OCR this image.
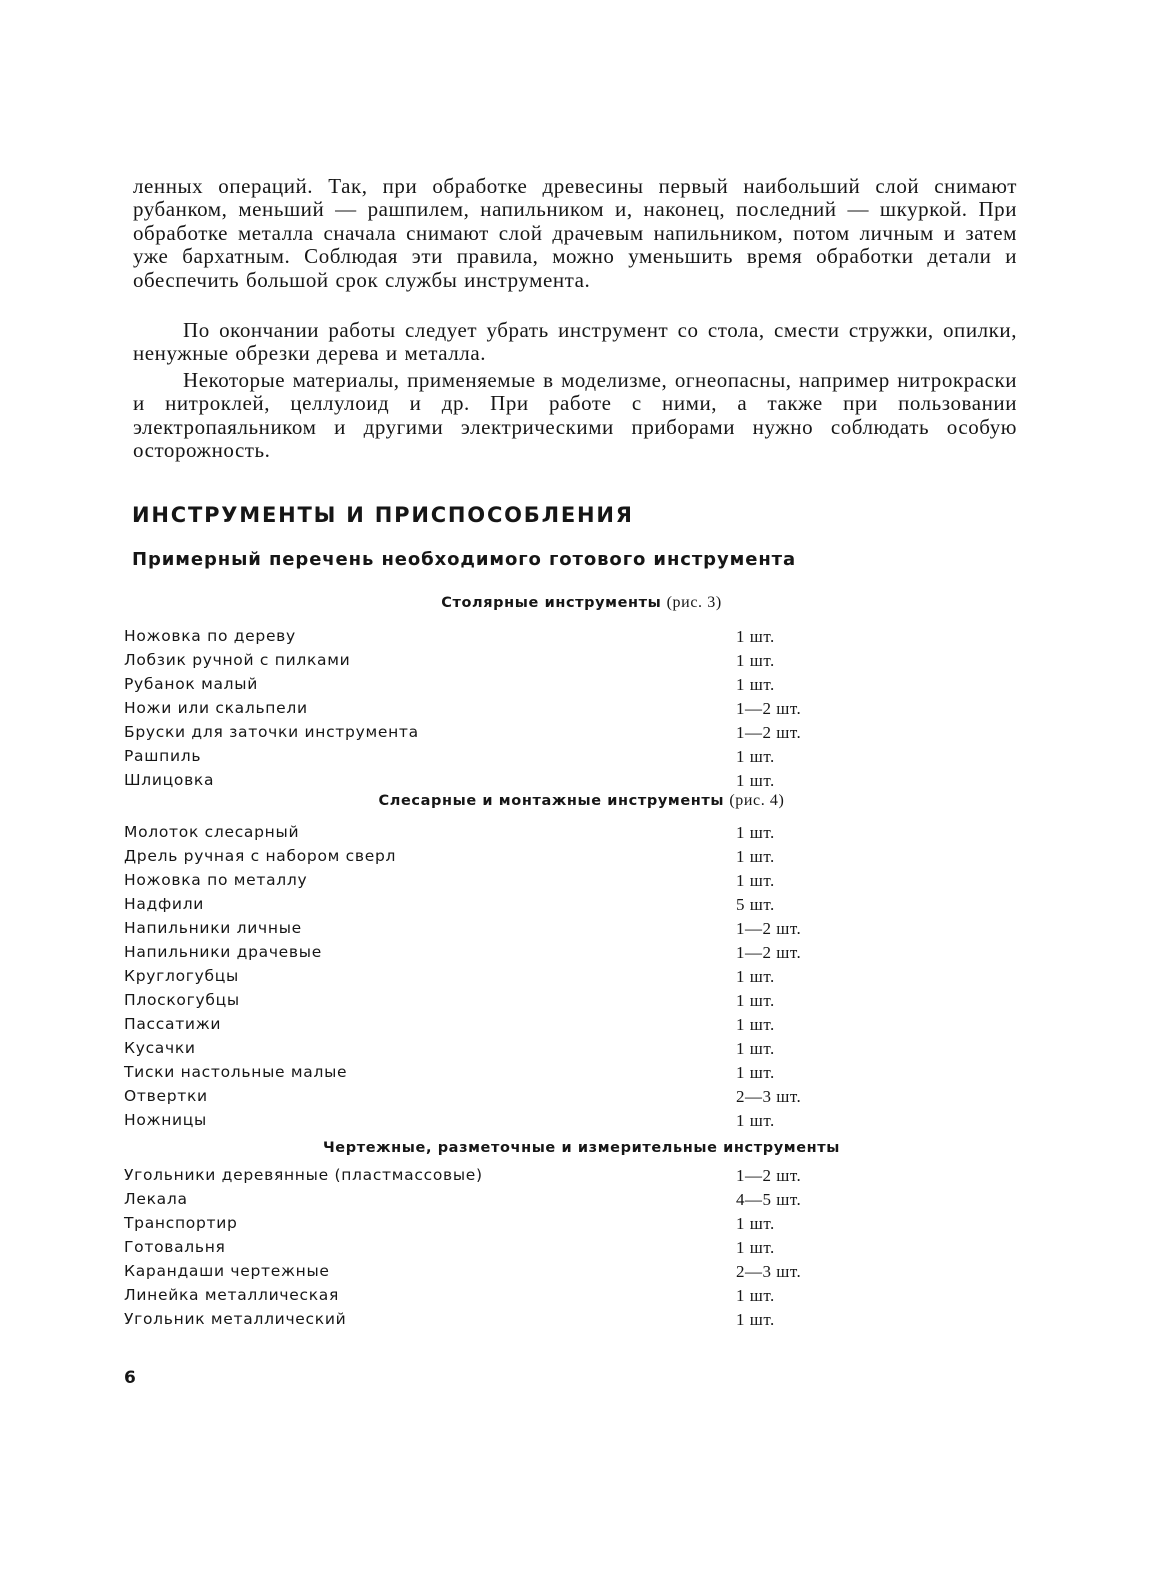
ленных операций. Так, при обработке древесины первый наибольший слой снимают рубанком, меньший — рашпилем, напильником и, наконец, последний — шкуркой. При обработке металла сначала снимают слой драчевым напильником, потом личным и затем уже бархатным. Соблюдая эти правила, можно уменьшить время обработки детали и обеспечить большой срок службы инструмента.

По окончании работы следует убрать инструмент со стола, смести стружки, опилки, ненужные обрезки дерева и металла.

Некоторые материалы, применяемые в моделизме, огнеопасны, например нитрокраски и нитроклей, целлулоид и др. При работе с ними, а также при пользовании электропаяльником и другими электрическими приборами нужно соблюдать особую осторожность.

ИНСТРУМЕНТЫ И ПРИСПОСОБЛЕНИЯ
Примерный перечень необходимого готового инструмента
Столярные инструменты (рис. 3)
Ножовка по дереву	1 шт.
Лобзик ручной с пилками	1 шт.
Рубанок малый	1 шт.
Ножи или скальпели	1—2 шт.
Бруски для заточки инструмента	1—2 шт.
Рашпиль	1 шт.
Шлицовка	1 шт.
Слесарные и монтажные инструменты (рис. 4)
Молоток слесарный	1 шт.
Дрель ручная с набором сверл	1 шт.
Ножовка по металлу	1 шт.
Надфили	5 шт.
Напильники личные	1—2 шт.
Напильники драчевые	1—2 шт.
Круглогубцы	1 шт.
Плоскогубцы	1 шт.
Пассатижи	1 шт.
Кусачки	1 шт.
Тиски настольные малые	1 шт.
Отвертки	2—3 шт.
Ножницы	1 шт.
Чертежные, разметочные и измерительные инструменты
Угольники деревянные (пластмассовые)	1—2 шт.
Лекала	4—5 шт.
Транспортир	1 шт.
Готовальня	1 шт.
Карандаши чертежные	2—3 шт.
Линейка металлическая	1 шт.
Угольник металлический	1 шт.
6
